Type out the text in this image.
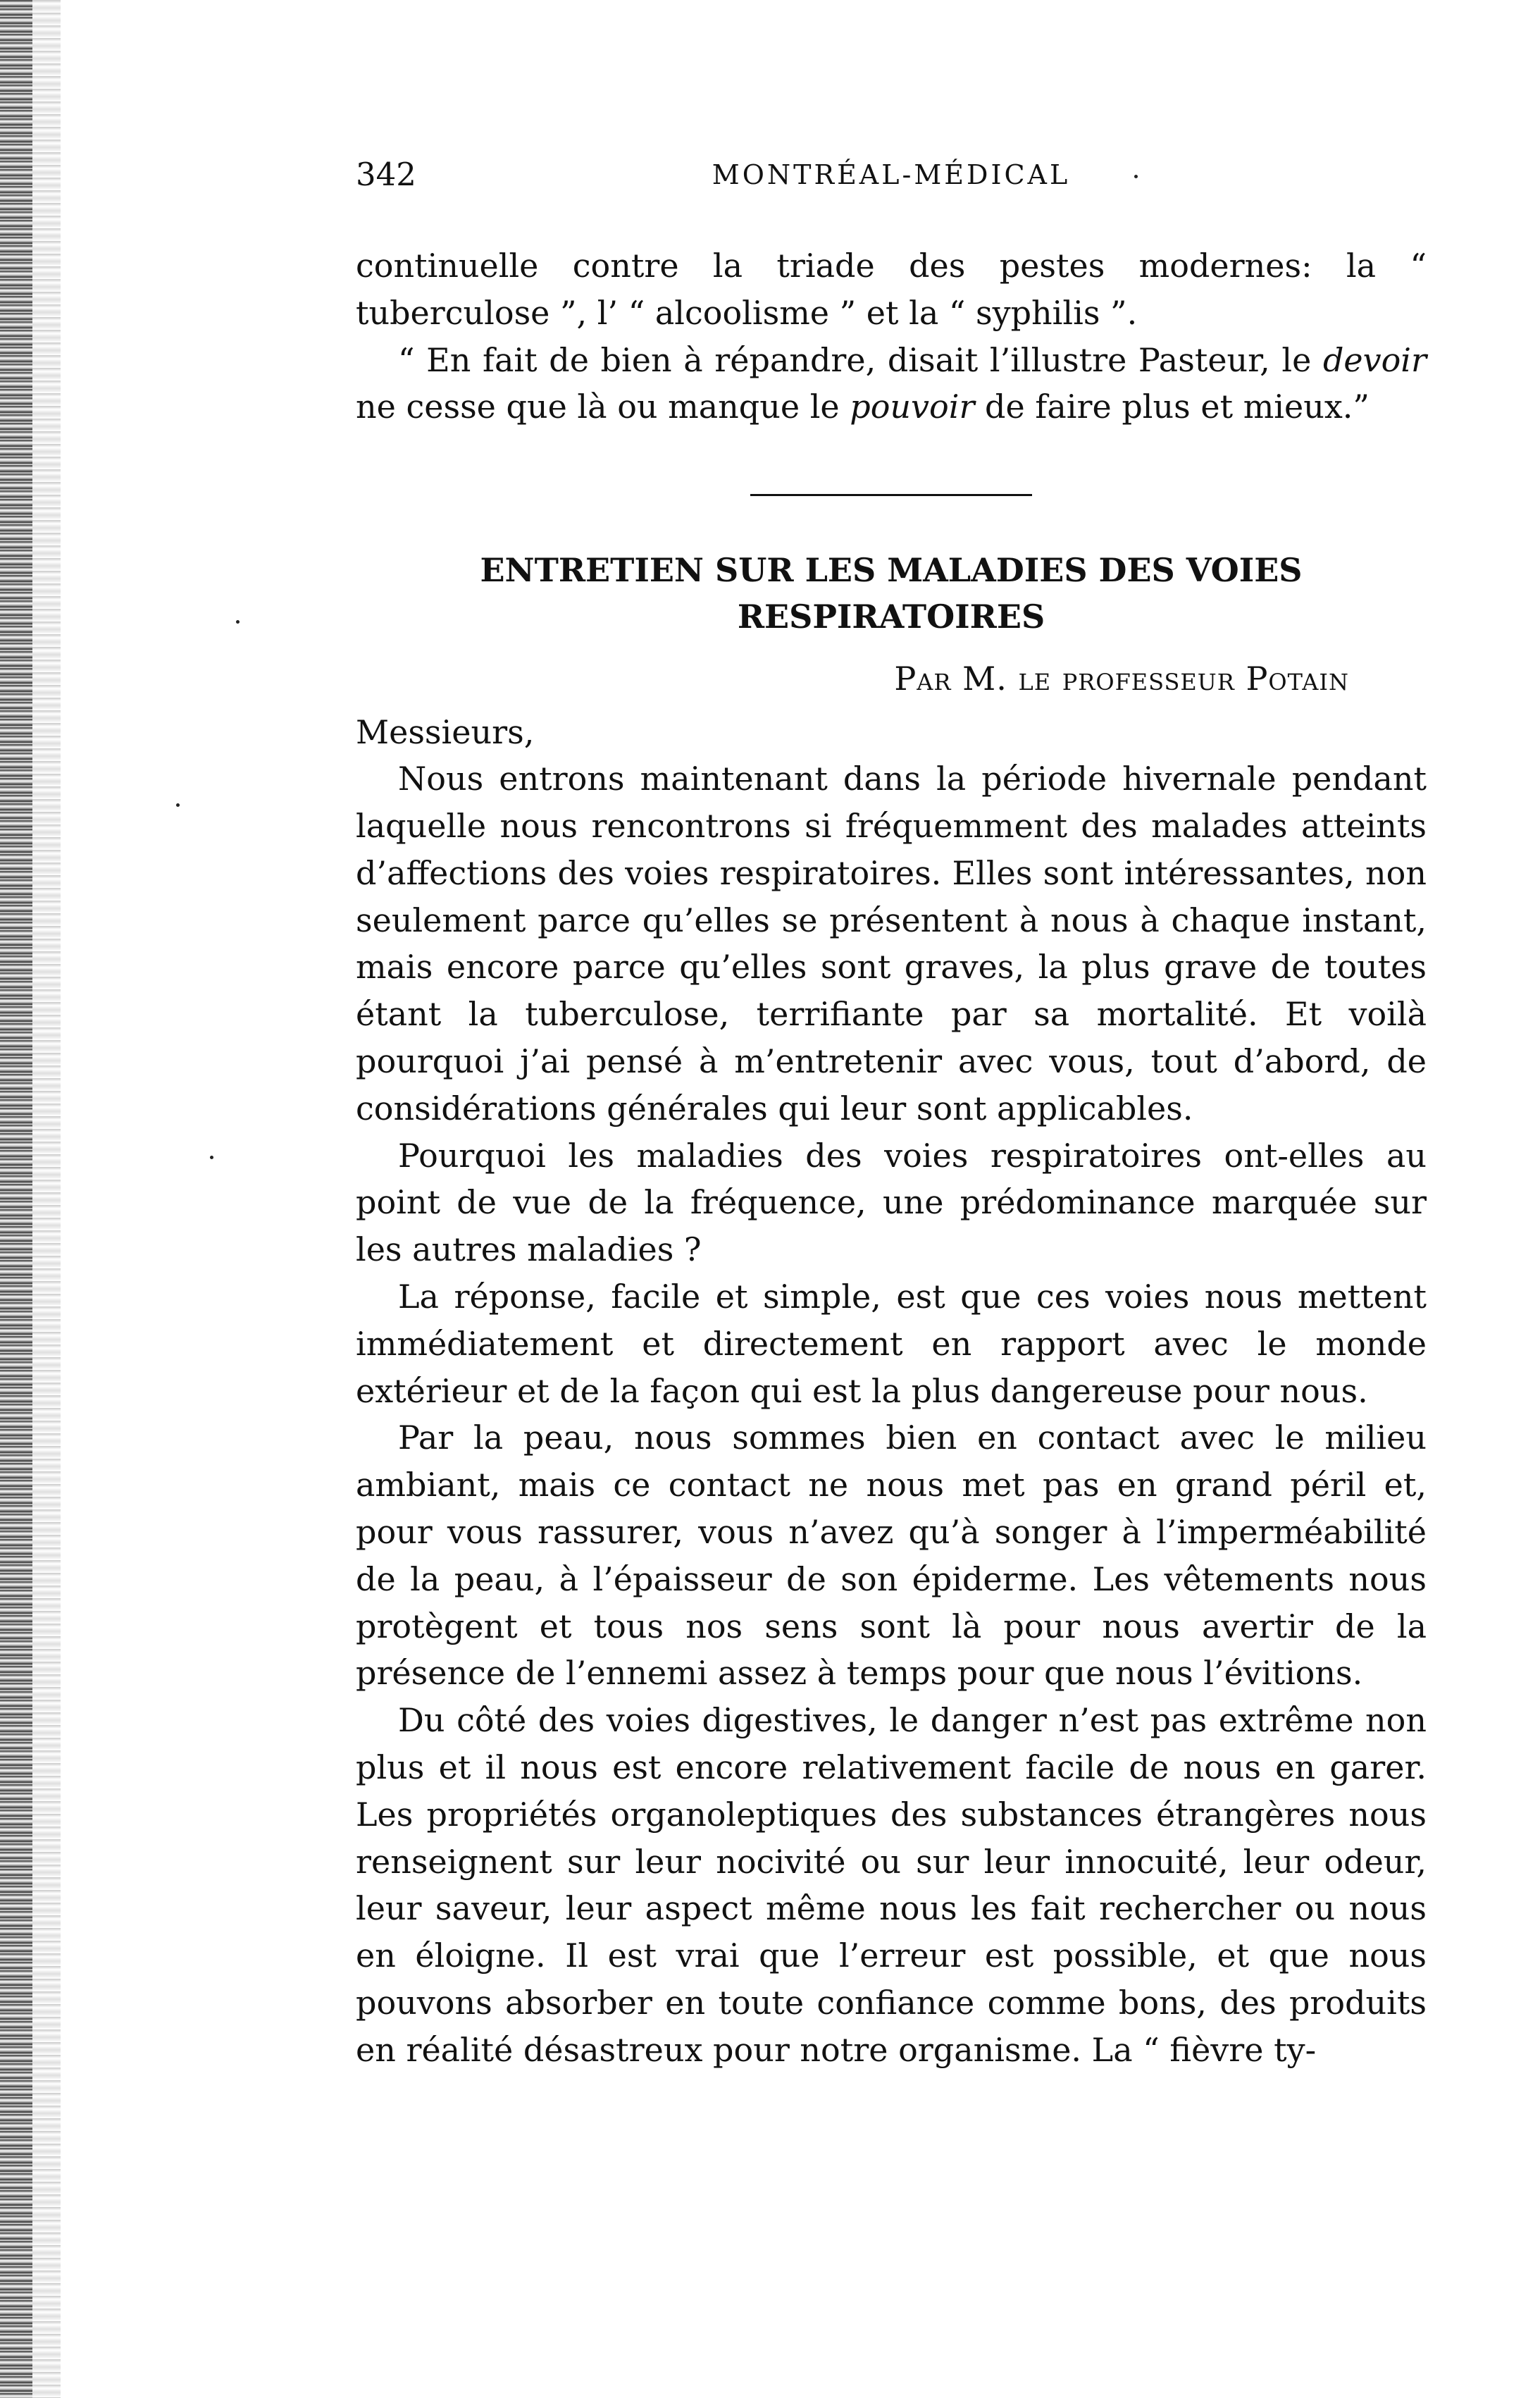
342	MONTRÉAL-MÉDICAL

continuelle contre la triade des pestes modernes: la “ tuberculose ”, l’ “ alcoolisme ” et la “ syphilis ”.

“ En fait de bien à répandre, disait l’illustre Pasteur, le devoir ne cesse que là ou manque le pouvoir de faire plus et mieux.”

ENTRETIEN SUR LES MALADIES DES VOIES
RESPIRATOIRES
Par M. le professeur Potain
Messieurs,

Nous entrons maintenant dans la période hivernale pendant laquelle nous rencontrons si fréquemment des malades atteints d’affections des voies respiratoires. Elles sont intéressantes, non seulement parce qu’elles se présentent à nous à chaque instant, mais encore parce qu’elles sont graves, la plus grave de toutes étant la tuberculose, terrifiante par sa mortalité. Et voilà pourquoi j’ai pensé à m’entretenir avec vous, tout d’abord, de considérations générales qui leur sont applicables.

Pourquoi les maladies des voies respiratoires ont-elles au point de vue de la fréquence, une prédominance marquée sur les autres maladies ?

La réponse, facile et simple, est que ces voies nous mettent immédiatement et directement en rapport avec le monde extérieur et de la façon qui est la plus dangereuse pour nous.

Par la peau, nous sommes bien en contact avec le milieu ambiant, mais ce contact ne nous met pas en grand péril et, pour vous rassurer, vous n’avez qu’à songer à l’imperméabilité de la peau, à l’épaisseur de son épiderme. Les vêtements nous protègent et tous nos sens sont là pour nous avertir de la présence de l’ennemi assez à temps pour que nous l’évitions.

Du côté des voies digestives, le danger n’est pas extrême non plus et il nous est encore relativement facile de nous en garer. Les propriétés organoleptiques des substances étrangères nous renseignent sur leur nocivité ou sur leur innocuité, leur odeur, leur saveur, leur aspect même nous les fait rechercher ou nous en éloigne. Il est vrai que l’erreur est possible, et que nous pouvons absorber en toute confiance comme bons, des produits en réalité désastreux pour notre organisme. La “ fièvre ty-
